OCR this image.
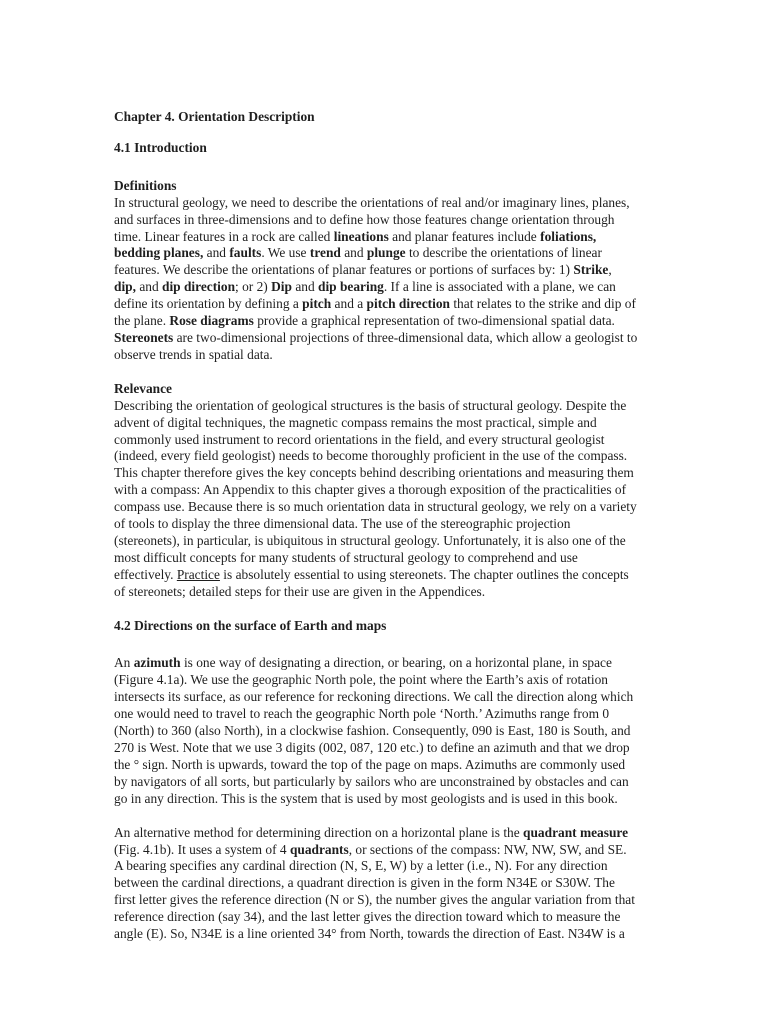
Chapter 4. Orientation Description
4.1 Introduction
Definitions

In structural geology, we need to describe the orientations of real and/or imaginary lines, planes,
and surfaces in three-dimensions and to define how those features change orientation through
time. Linear features in a rock are called lineations and planar features include foliations,
bedding planes, and faults. We use trend and plunge to describe the orientations of linear
features. We describe the orientations of planar features or portions of surfaces by: 1) Strike,
dip, and dip direction; or 2) Dip and dip bearing. If a line is associated with a plane, we can
define its orientation by defining a pitch and a pitch direction that relates to the strike and dip of
the plane. Rose diagrams provide a graphical representation of two-dimensional spatial data.
Stereonets are two-dimensional projections of three-dimensional data, which allow a geologist to
observe trends in spatial data.

Relevance

Describing the orientation of geological structures is the basis of structural geology. Despite the
advent of digital techniques, the magnetic compass remains the most practical, simple and
commonly used instrument to record orientations in the field, and every structural geologist
(indeed, every field geologist) needs to become thoroughly proficient in the use of the compass.
This chapter therefore gives the key concepts behind describing orientations and measuring them
with a compass: An Appendix to this chapter gives a thorough exposition of the practicalities of
compass use. Because there is so much orientation data in structural geology, we rely on a variety
of tools to display the three dimensional data. The use of the stereographic projection
(stereonets), in particular, is ubiquitous in structural geology. Unfortunately, it is also one of the
most difficult concepts for many students of structural geology to comprehend and use
effectively. Practice is absolutely essential to using stereonets. The chapter outlines the concepts
of stereonets; detailed steps for their use are given in the Appendices.

4.2 Directions on the surface of Earth and maps

An azimuth is one way of designating a direction, or bearing, on a horizontal plane, in space
(Figure 4.1a). We use the geographic North pole, the point where the Earth’s axis of rotation
intersects its surface, as our reference for reckoning directions. We call the direction along which
one would need to travel to reach the geographic North pole ‘North.’ Azimuths range from 0
(North) to 360 (also North), in a clockwise fashion. Consequently, 090 is East, 180 is South, and
270 is West. Note that we use 3 digits (002, 087, 120 etc.) to define an azimuth and that we drop
the ° sign. North is upwards, toward the top of the page on maps. Azimuths are commonly used
by navigators of all sorts, but particularly by sailors who are unconstrained by obstacles and can
go in any direction. This is the system that is used by most geologists and is used in this book.

An alternative method for determining direction on a horizontal plane is the quadrant measure
(Fig. 4.1b). It uses a system of 4 quadrants, or sections of the compass: NW, NW, SW, and SE.
A bearing specifies any cardinal direction (N, S, E, W) by a letter (i.e., N). For any direction
between the cardinal directions, a quadrant direction is given in the form N34E or S30W. The
first letter gives the reference direction (N or S), the number gives the angular variation from that
reference direction (say 34), and the last letter gives the direction toward which to measure the
angle (E). So, N34E is a line oriented 34° from North, towards the direction of East. N34W is a
